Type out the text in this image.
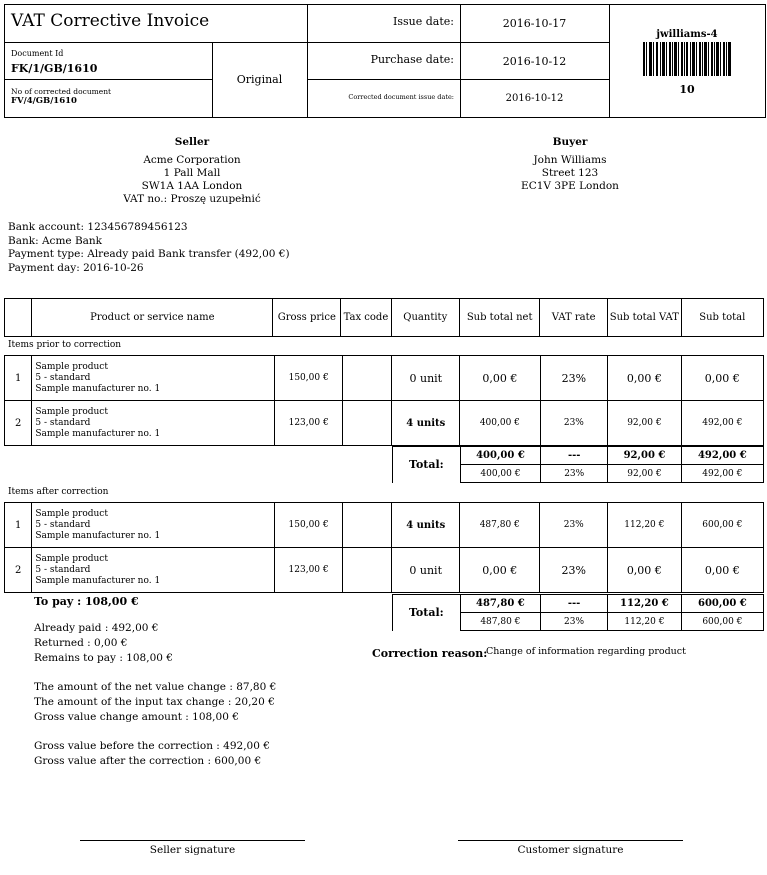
VAT Corrective Invoice
Document Id
FK/1/GB/1610
No of corrected document
FV/4/GB/1610
Original
Issue date:	2016-10-17
Purchase date:	2016-10-12
Corrected document issue date:	2016-10-12
jwilliams-4
10
Seller
Acme Corporation
1 Pall Mall
SW1A 1AA London
VAT no.: Proszę uzupełnić
Buyer
John Williams
Street 123
EC1V 3PE London
Bank account: 123456789456123
Bank: Acme Bank
Payment type: Already paid Bank transfer (492,00 €)
Payment day: 2016-10-26
	Product or service name	Gross price	Tax code	Quantity	Sub total net	VAT rate	Sub total VAT	Sub total
Items prior to correction
1	Sample product
5 - standard
Sample manufacturer no. 1	150,00 €		0 unit	0,00 €	23%	0,00 €	0,00 €
2	Sample product
5 - standard
Sample manufacturer no. 1	123,00 €		4 units	400,00 €	23%	92,00 €	492,00 €
Total:	400,00 €	---	92,00 €	492,00 €
	400,00 €	23%	92,00 €	492,00 €
Items after correction
1	Sample product
5 - standard
Sample manufacturer no. 1	150,00 €		4 units	487,80 €	23%	112,20 €	600,00 €
2	Sample product
5 - standard
Sample manufacturer no. 1	123,00 €		0 unit	0,00 €	23%	0,00 €	0,00 €
Total:	487,80 €	---	112,20 €	600,00 €
	487,80 €	23%	112,20 €	600,00 €
To pay : 108,00 €
Already paid : 492,00 €
Returned : 0,00 €
Remains to pay : 108,00 €
The amount of the net value change : 87,80 €
The amount of the input tax change : 20,20 €
Gross value change amount : 108,00 €
Gross value before the correction : 492,00 €
Gross value after the correction : 600,00 €
Correction reason:
Change of information regarding product
Seller signature	Customer signature
